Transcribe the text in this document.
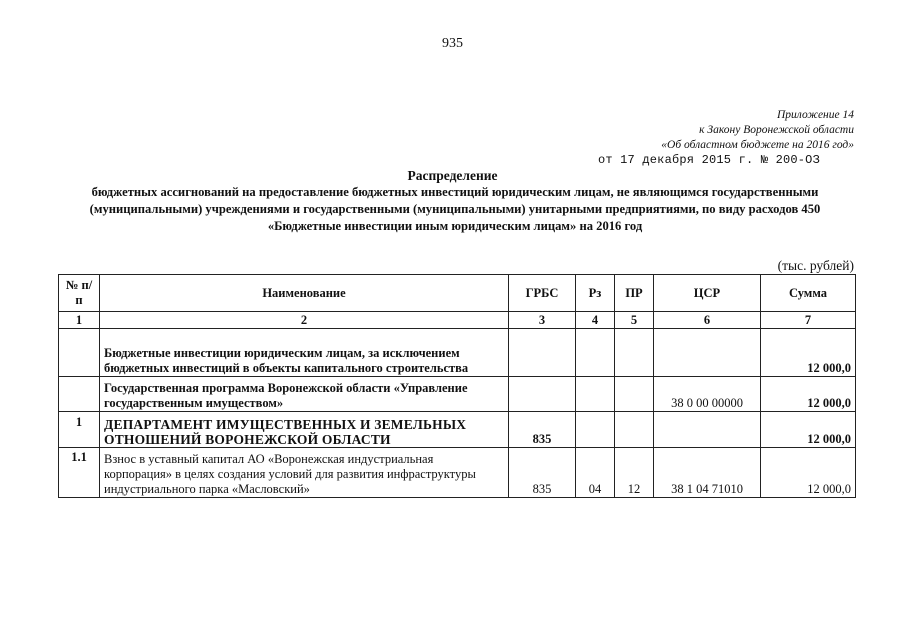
935
Приложение 14
к Закону Воронежской области
«Об областном бюджете на 2016 год»
от 17 декабря 2015 г. № 200-ОЗ
Распределение
бюджетных ассигнований на предоставление бюджетных инвестиций юридическим лицам, не являющимся государственными (муниципальными) учреждениями и государственными (муниципальными) унитарными предприятиями, по виду расходов 450 «Бюджетные инвестиции иным юридическим лицам» на 2016 год
(тыс. рублей)
№ п/п	Наименование	ГРБС	Рз	ПР	ЦСР	Сумма
1	2	3	4	5	6	7
	Бюджетные инвестиции юридическим лицам, за исключением бюджетных инвестиций в объекты капитального строительства					12 000,0
	Государственная программа Воронежской области «Управление государственным имуществом»				38 0 00 00000	12 000,0
1	ДЕПАРТАМЕНТ ИМУЩЕСТВЕННЫХ И ЗЕМЕЛЬНЫХ ОТНОШЕНИЙ ВОРОНЕЖСКОЙ ОБЛАСТИ	835				12 000,0
1.1	Взнос в уставный капитал АО «Воронежская индустриальная корпорация» в целях создания условий для развития инфраструктуры индустриального парка «Масловский»	835	04	12	38 1 04 71010	12 000,0
